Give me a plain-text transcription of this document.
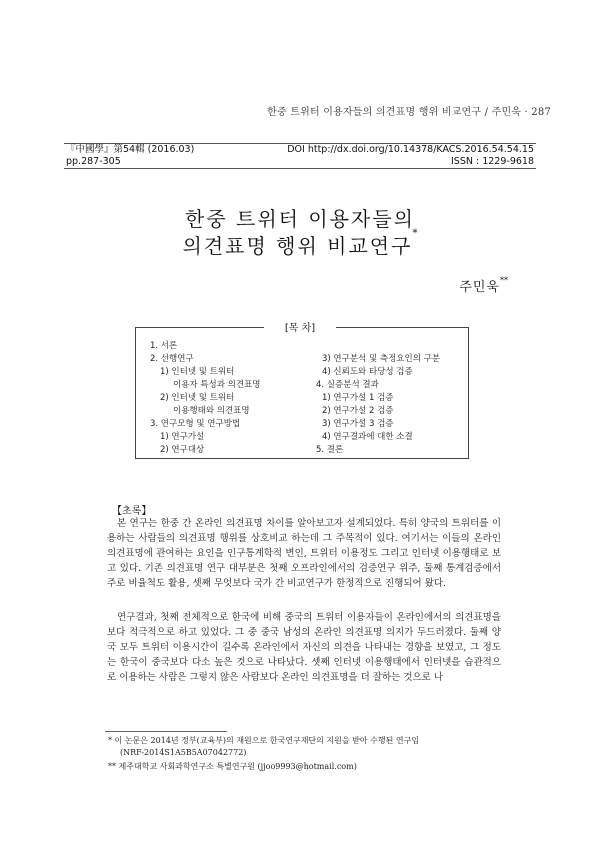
한중 트위터 이용자들의 의견표명 행위 비교연구 / 주민욱 · 287
『中國學』第54輯 (2016.03)
pp.287-305
DOI http://dx.doi.org/10.14378/KACS.2016.54.54.15
ISSN : 1229-9618
한중 트위터 이용자들의
의견표명 행위 비교연구*
주민욱**
1. 서론
2. 선행연구
1) 인터넷 및 트위터
이용자 특성과 의견표명
2) 인터넷 및 트위터
이용행태와 의견표명
3. 연구모형 및 연구방법
1) 연구가설
2) 연구대상
3) 연구분석 및 측정요인의 구분
4) 신뢰도와 타당성 검증
4. 실증분석 결과
1) 연구가설 1 검증
2) 연구가설 2 검증
3) 연구가설 3 검증
4) 연구결과에 대한 소결
5. 결론
[목 차]
【초록】

본 연구는 한중 간 온라인 의견표명 차이를 알아보고자 설계되었다. 특히 양국의 트위터를 이용하는 사람들의 의견표명 행위를 상호비교 하는데 그 주목적이 있다. 여기서는 이들의 온라인 의견표명에 관여하는 요인을 인구통계학적 변인, 트위터 이용정도 그리고 인터넷 이용행태로 보고 있다. 기존 의견표명 연구 대부분은 첫째 오프라인에서의 검증연구 위주, 둘째 통계검증에서 주로 비율척도 활용, 셋째 무엇보다 국가 간 비교연구가 한정적으로 진행되어 왔다.

연구결과, 첫째 전체적으로 한국에 비해 중국의 트위터 이용자들이 온라인에서의 의견표명을 보다 적극적으로 하고 있었다. 그 중 중국 남성의 온라인 의견표명 의지가 두드러졌다. 둘째 양국 모두 트위터 이용시간이 길수록 온라인에서 자신의 의견을 나타내는 경향을 보였고, 그 정도는 한국이 중국보다 다소 높은 것으로 나타났다. 셋째 인터넷 이용행태에서 인터넷을 습관적으로 이용하는 사람은 그렇지 않은 사람보다 온라인 의견표명을 더 잘하는 것으로 나

* 이 논문은 2014년 정부(교육부)의 재원으로 한국연구재단의 지원을 받아 수행된 연구임
(NRF-2014S1A5B5A07042772)
** 제주대학교 사회과학연구소 특별연구원 (jjoo9993@hotmail.com)
